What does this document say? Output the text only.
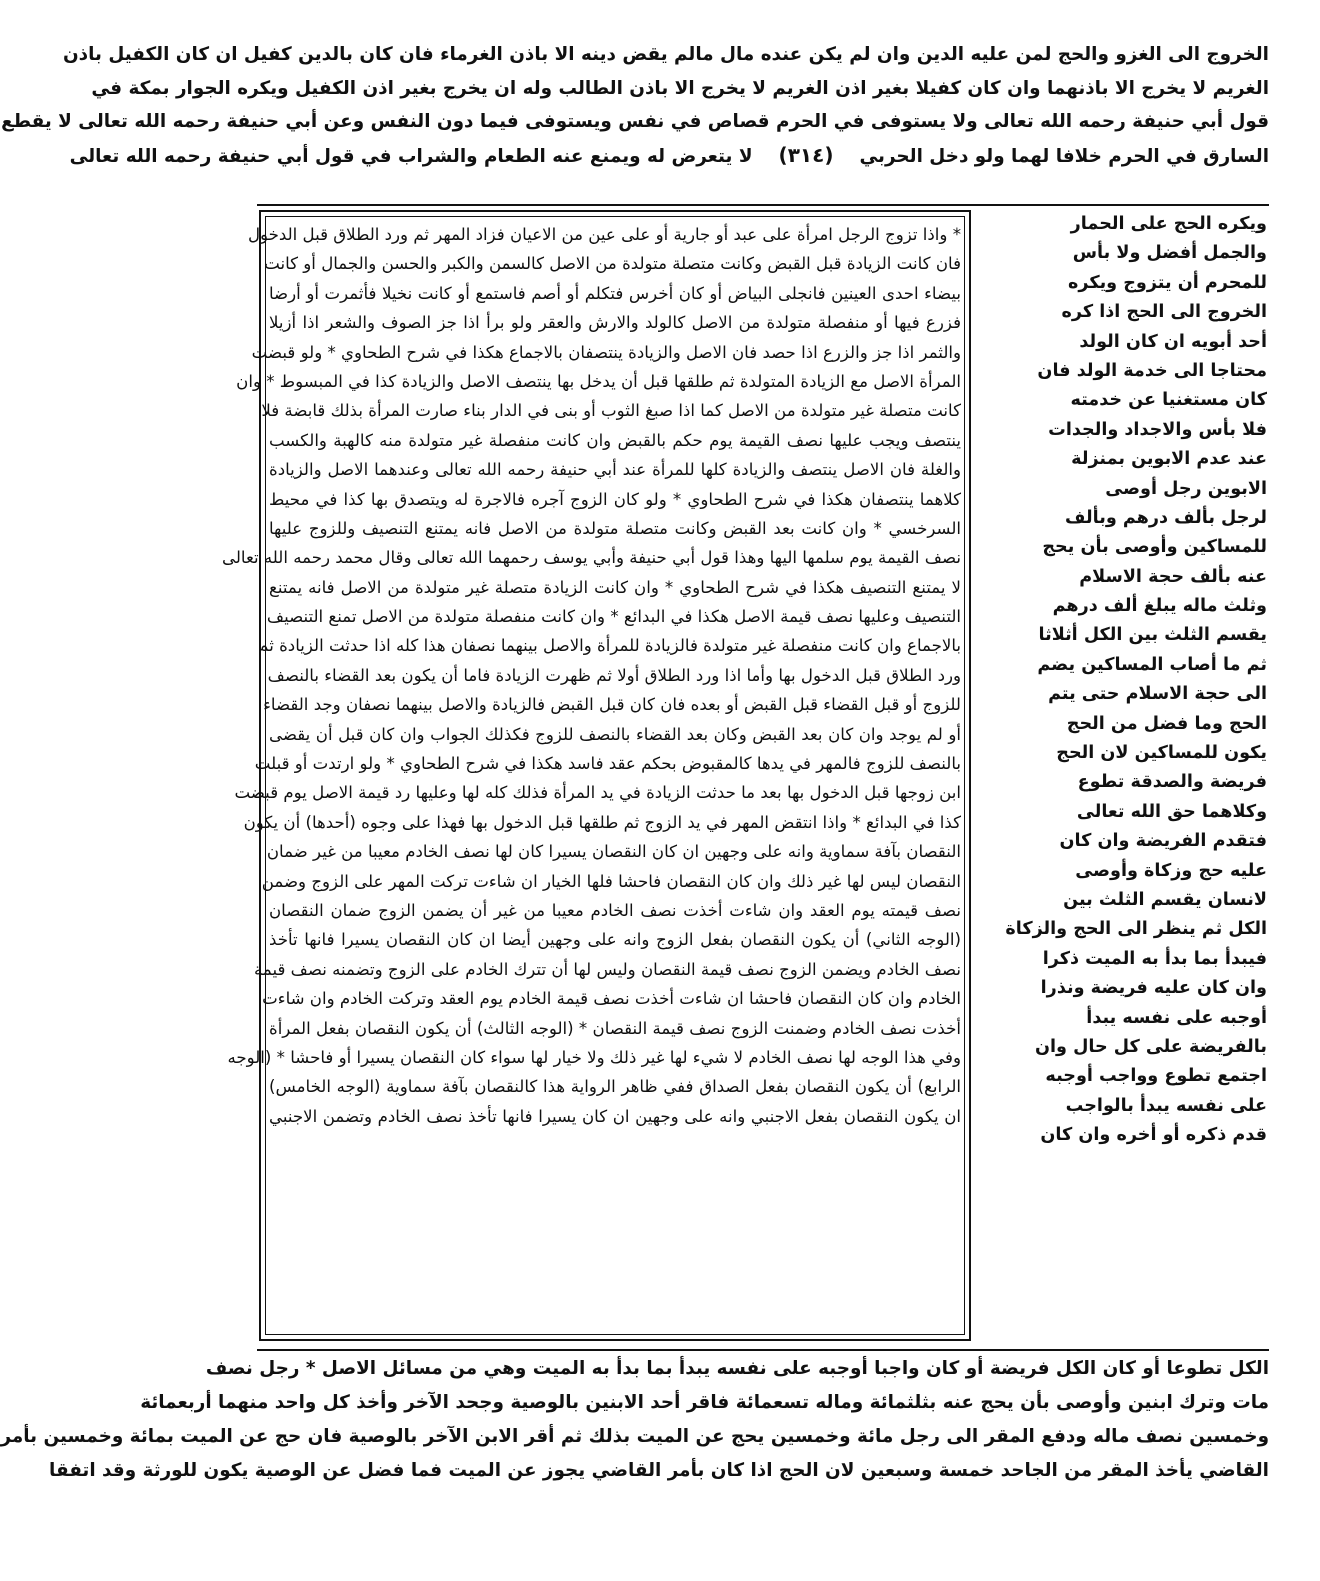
الخروج الى الغزو والحج لمن عليه الدين وان لم يكن عنده مال مالم يقض دينه الا باذن الغرماء فان كان بالدين كفيل ان كان الكفيل باذن
الغريم لا يخرج الا باذنهما وان كان كفيلا بغير اذن الغريم لا يخرج الا باذن الطالب وله ان يخرج بغير اذن الكفيل ويكره الجوار بمكة في
قول أبي حنيفة رحمه الله تعالى ولا يستوفى في الحرم قصاص في نفس ويستوفى فيما دون النفس وعن أبي حنيفة رحمه الله تعالى لا يقطع
السارق في الحرم خلافا لهما ولو دخل الحربي(٣١٤)لا يتعرض له ويمنع عنه الطعام والشراب في قول أبي حنيفة رحمه الله تعالى
* واذا تزوج الرجل امرأة على عبد أو جارية أو على عين من الاعيان فزاد المهر ثم ورد الطلاق قبل الدخول
فان كانت الزيادة قبل القبض وكانت متصلة متولدة من الاصل كالسمن والكبر والحسن والجمال أو كانت
بيضاء احدى العينين فانجلى البياض أو كان أخرس فتكلم أو أصم فاستمع أو كانت نخيلا فأثمرت أو أرضا
فزرع فيها أو منفصلة متولدة من الاصل كالولد والارش والعقر ولو برأ اذا جز الصوف والشعر اذا أزيلا
والثمر اذا جز والزرع اذا حصد فان الاصل والزيادة ينتصفان بالاجماع هكذا في شرح الطحاوي * ولو قبضت
المرأة الاصل مع الزيادة المتولدة ثم طلقها قبل أن يدخل بها ينتصف الاصل والزيادة كذا في المبسوط * وان
كانت متصلة غير متولدة من الاصل كما اذا صبغ الثوب أو بنى في الدار بناء صارت المرأة بذلك قابضة فلا
ينتصف ويجب عليها نصف القيمة يوم حكم بالقبض وان كانت منفصلة غير متولدة منه كالهبة والكسب
والغلة فان الاصل ينتصف والزيادة كلها للمرأة عند أبي حنيفة رحمه الله تعالى وعندهما الاصل والزيادة
كلاهما ينتصفان هكذا في شرح الطحاوي * ولو كان الزوج آجره فالاجرة له ويتصدق بها كذا في محيط
السرخسي * وان كانت بعد القبض وكانت متصلة متولدة من الاصل فانه يمتنع التنصيف وللزوج عليها
نصف القيمة يوم سلمها اليها وهذا قول أبي حنيفة وأبي يوسف رحمهما الله تعالى وقال محمد رحمه الله تعالى
لا يمتنع التنصيف هكذا في شرح الطحاوي * وان كانت الزيادة متصلة غير متولدة من الاصل فانه يمتنع
التنصيف وعليها نصف قيمة الاصل هكذا في البدائع * وان كانت منفصلة متولدة من الاصل تمنع التنصيف
بالاجماع وان كانت منفصلة غير متولدة فالزيادة للمرأة والاصل بينهما نصفان هذا كله اذا حدثت الزيادة ثم
ورد الطلاق قبل الدخول بها وأما اذا ورد الطلاق أولا ثم ظهرت الزيادة فاما أن يكون بعد القضاء بالنصف
للزوج أو قبل القضاء قبل القبض أو بعده فان كان قبل القبض فالزيادة والاصل بينهما نصفان وجد القضاء
أو لم يوجد وان كان بعد القبض وكان بعد القضاء بالنصف للزوج فكذلك الجواب وان كان قبل أن يقضى
بالنصف للزوج فالمهر في يدها كالمقبوض بحكم عقد فاسد هكذا في شرح الطحاوي * ولو ارتدت أو قبلت
ابن زوجها قبل الدخول بها بعد ما حدثت الزيادة في يد المرأة فذلك كله لها وعليها رد قيمة الاصل يوم قبضت
كذا في البدائع * واذا انتقض المهر في يد الزوج ثم طلقها قبل الدخول بها فهذا على وجوه (أحدها) أن يكون
النقصان بآفة سماوية وانه على وجهين ان كان النقصان يسيرا كان لها نصف الخادم معيبا من غير ضمان
النقصان ليس لها غير ذلك وان كان النقصان فاحشا فلها الخيار ان شاءت تركت المهر على الزوج وضمن
نصف قيمته يوم العقد وان شاءت أخذت نصف الخادم معيبا من غير أن يضمن الزوج ضمان النقصان
(الوجه الثاني) أن يكون النقصان بفعل الزوج وانه على وجهين أيضا ان كان النقصان يسيرا فانها تأخذ
نصف الخادم ويضمن الزوج نصف قيمة النقصان وليس لها أن تترك الخادم على الزوج وتضمنه نصف قيمة
الخادم وان كان النقصان فاحشا ان شاءت أخذت نصف قيمة الخادم يوم العقد وتركت الخادم وان شاءت
أخذت نصف الخادم وضمنت الزوج نصف قيمة النقصان * (الوجه الثالث) أن يكون النقصان بفعل المرأة
وفي هذا الوجه لها نصف الخادم لا شيء لها غير ذلك ولا خيار لها سواء كان النقصان يسيرا أو فاحشا * (الوجه
الرابع) أن يكون النقصان بفعل الصداق ففي ظاهر الرواية هذا كالنقصان بآفة سماوية (الوجه الخامس)
ان يكون النقصان بفعل الاجنبي وانه على وجهين ان كان يسيرا فانها تأخذ نصف الخادم وتضمن الاجنبي
ويكره الحج على الحمار
والجمل أفضل ولا بأس
للمحرم أن يتزوج ويكره
الخروج الى الحج اذا كره
أحد أبويه ان كان الولد
محتاجا الى خدمة الولد فان
كان مستغنيا عن خدمته
فلا بأس والاجداد والجدات
عند عدم الابوين بمنزلة
الابوين رجل أوصى
لرجل بألف درهم وبألف
للمساكين وأوصى بأن يحج
عنه بألف حجة الاسلام
وثلث ماله يبلغ ألف درهم
يقسم الثلث بين الكل أثلاثا
ثم ما أصاب المساكين يضم
الى حجة الاسلام حتى يتم
الحج وما فضل من الحج
يكون للمساكين لان الحج
فريضة والصدقة تطوع
وكلاهما حق الله تعالى
فتقدم الفريضة وان كان
عليه حج وزكاة وأوصى
لانسان يقسم الثلث بين
الكل ثم ينظر الى الحج والزكاة
فيبدأ بما بدأ به الميت ذكرا
وان كان عليه فريضة ونذرا
أوجبه على نفسه يبدأ
بالفريضة على كل حال وان
اجتمع تطوع وواجب أوجبه
على نفسه يبدأ بالواجب
قدم ذكره أو أخره وان كان
الكل تطوعا أو كان الكل فريضة أو كان واجبا أوجبه على نفسه يبدأ بما بدأ به الميت وهي من مسائل الاصل * رجل نصف
مات وترك ابنين وأوصى بأن يحج عنه بثلثمائة وماله تسعمائة فاقر أحد الابنين بالوصية وجحد الآخر وأخذ كل واحد منهما أربعمائة
وخمسين نصف ماله ودفع المقر الى رجل مائة وخمسين يحج عن الميت بذلك ثم أقر الابن الآخر بالوصية فان حج عن الميت بمائة وخمسين بأمر
القاضي يأخذ المقر من الجاحد خمسة وسبعين لان الحج اذا كان بأمر القاضي يجوز عن الميت فما فضل عن الوصية يكون للورثة وقد اتفقا
